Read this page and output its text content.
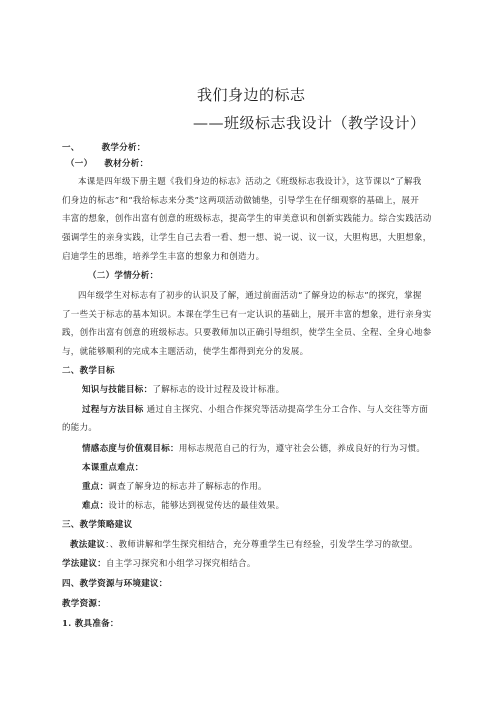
我们身边的标志
——班级标志我设计（教学设计）
一、	教学分析：
（一） 教材分析：
本课是四年级下册主题《我们身边的标志》活动之《班级标志我设计》，这节课以“了解我
们身边的标志”和“我给标志来分类”这两项活动做铺垫，引导学生在仔细观察的基础上，展开
丰富的想象，创作出富有创意的班级标志，提高学生的审美意识和创新实践能力。综合实践活动
强调学生的亲身实践，让学生自己去看一看、想一想、说一说、议一议，大胆构思，大胆想象，
启迪学生的思维，培养学生丰富的想象力和创造力。
（二）学情分析：
四年级学生对标志有了初步的认识及了解，通过前面活动“了解身边的标志”的探究，掌握
了一些关于标志的基本知识。本课在学生已有一定认识的基础上，展开丰富的想象，进行亲身实
践，创作出富有创意的班级标志。只要教师加以正确引导组织，使学生全员、全程、全身心地参
与，就能够顺利的完成本主题活动，使学生都得到充分的发展。
二、教学目标
知识与技能目标：了解标志的设计过程及设计标准。
过程与方法目标 通过自主探究、小组合作探究等活动提高学生分工合作、与人交往等方面
的能力。
情感态度与价值观目标：用标志规范自己的行为，遵守社会公德，养成良好的行为习惯。
本课重点难点：
重点：调查了解身边的标志并了解标志的作用。
难点：设计的标志，能够达到视觉传达的最佳效果。
三、教学策略建议
教法建议：、教师讲解和学生探究相结合，充分尊重学生已有经验，引发学生学习的欲望。
学法建议：自主学习探究和小组学习探究相结合。
四、教学资源与环境建议：
教学资源：
1. 教具准备：
